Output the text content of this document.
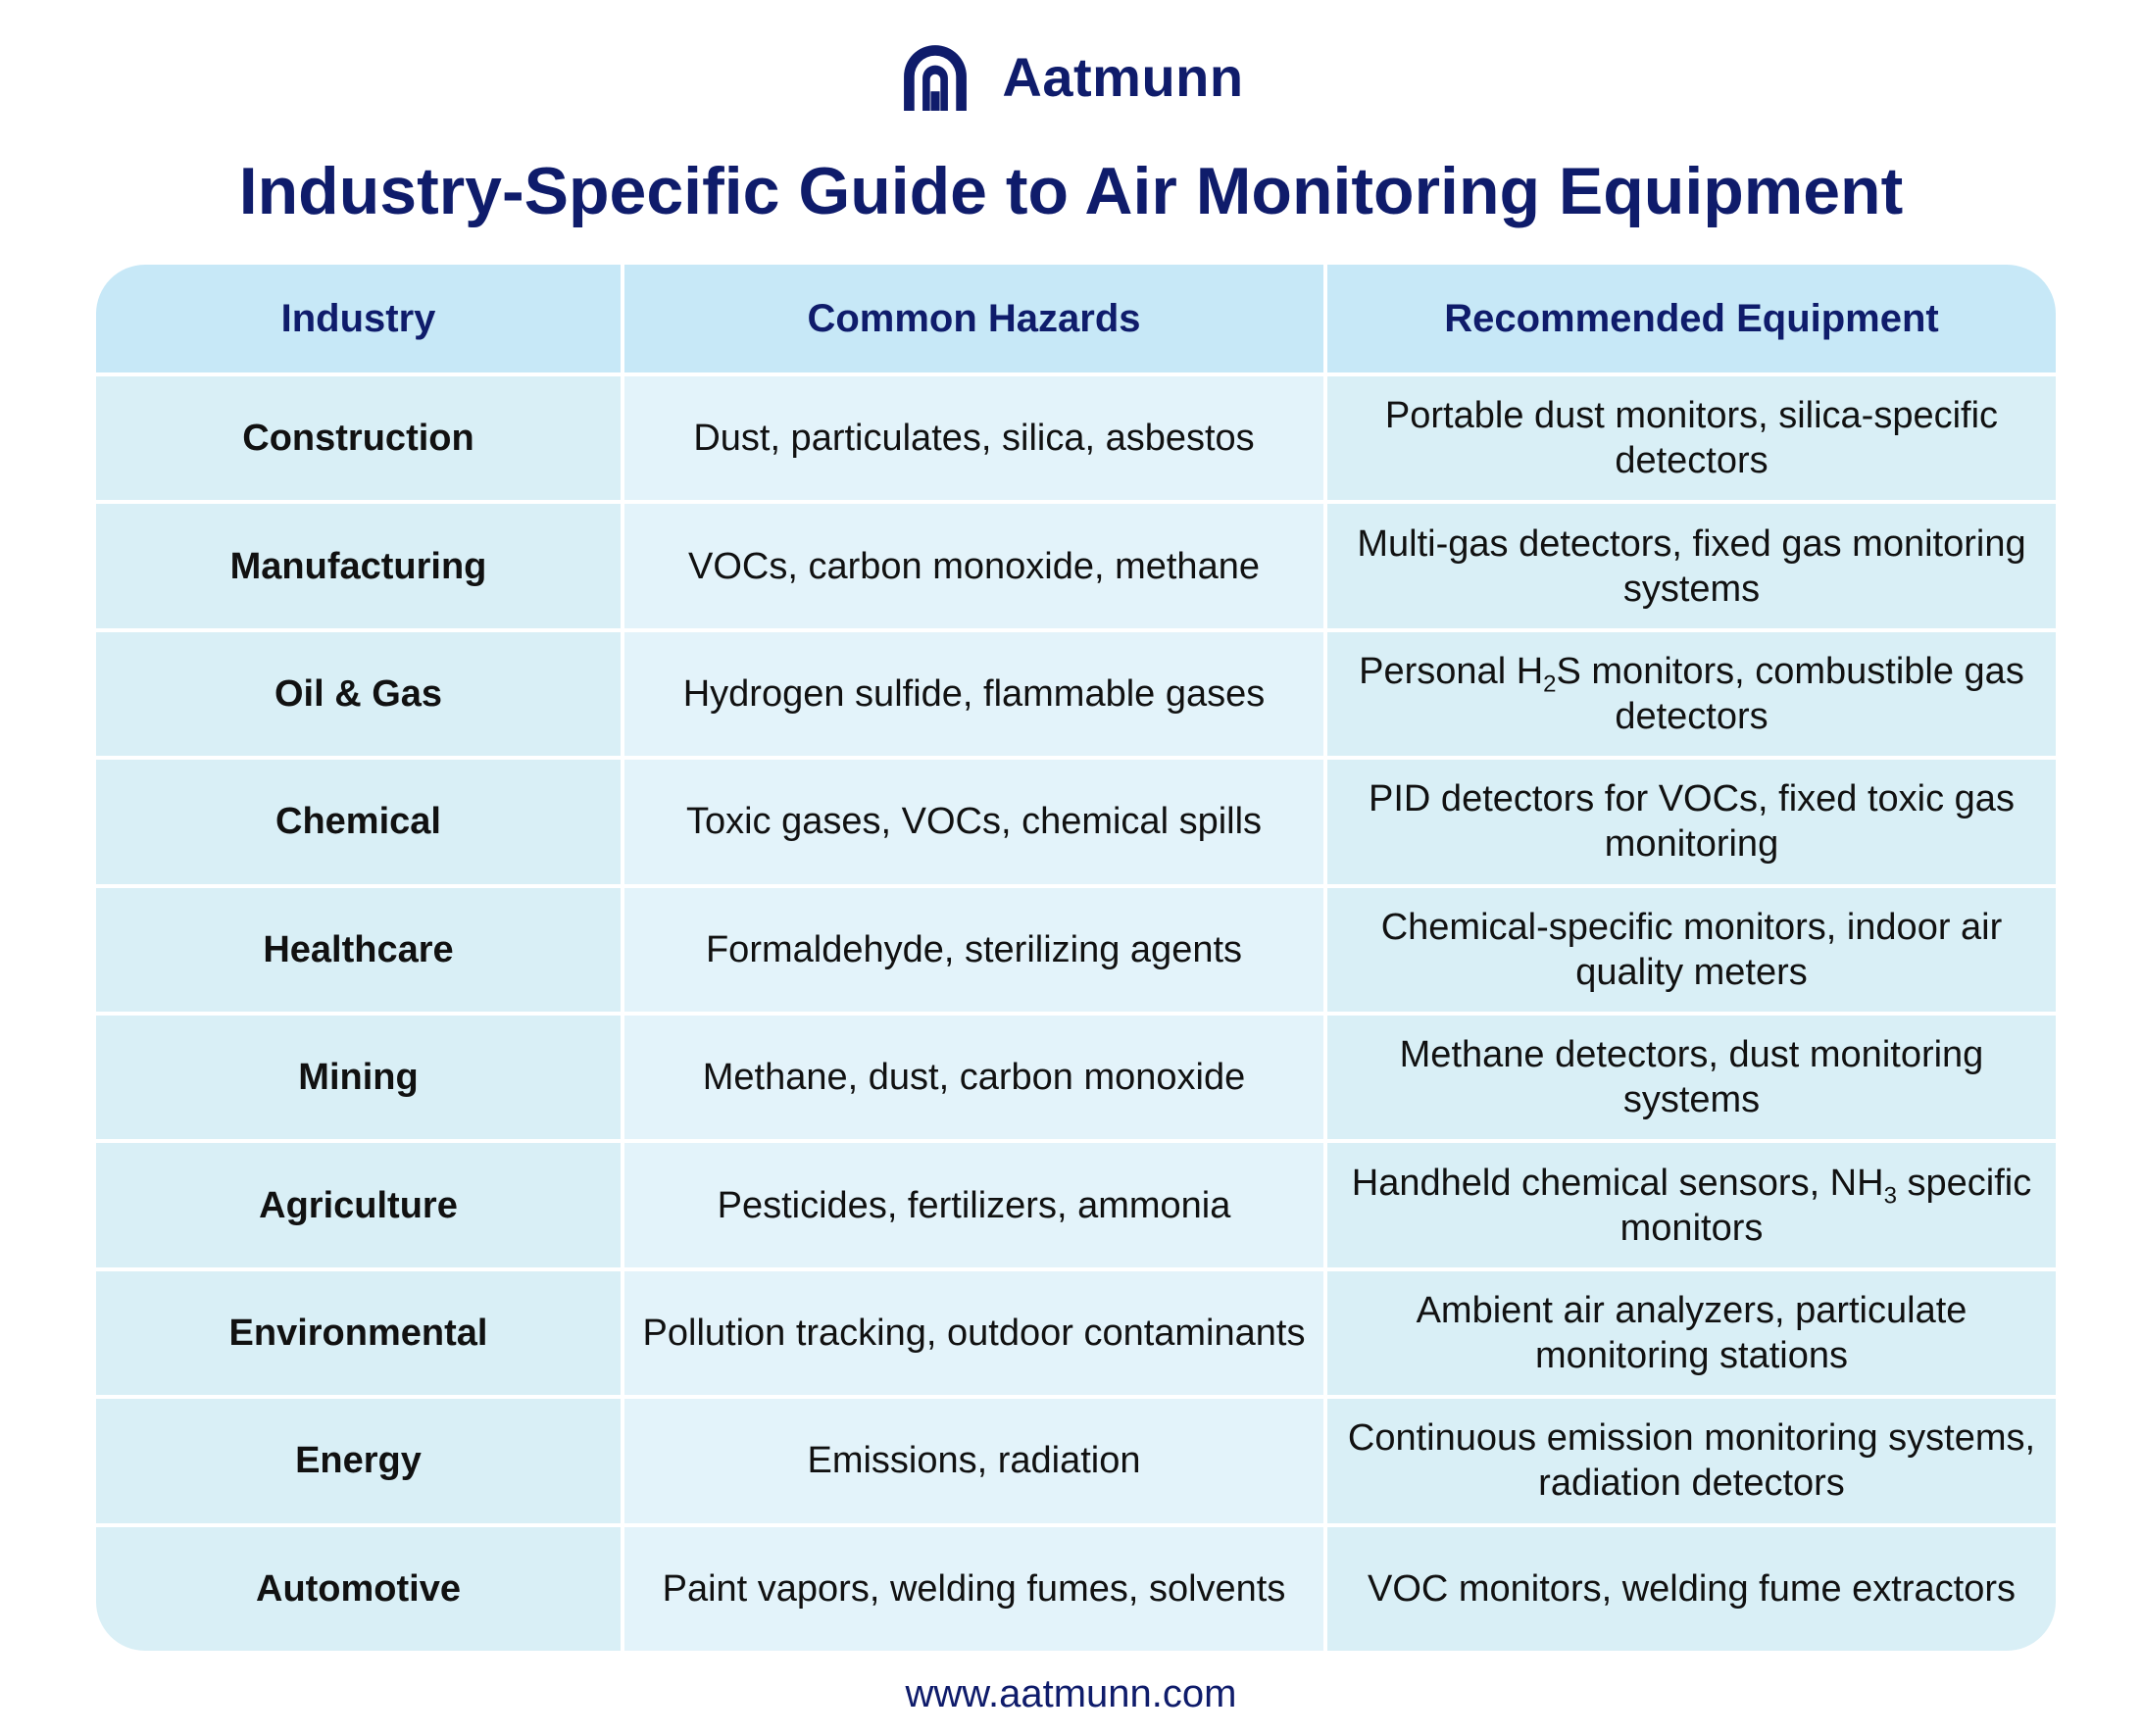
Aatmunn
Industry-Specific Guide to Air Monitoring Equipment
Industry	Common Hazards	Recommended Equipment
Construction	Dust, particulates, silica, asbestos	Portable dust monitors, silica-specific detectors
Manufacturing	VOCs, carbon monoxide, methane	Multi-gas detectors, fixed gas monitoring systems
Oil & Gas	Hydrogen sulfide, flammable gases	Personal $H_2S$ monitors, combustible gas detectors
Chemical	Toxic gases, VOCs, chemical spills	PID detectors for VOCs, fixed toxic gas monitoring
Healthcare	Formaldehyde, sterilizing agents	Chemical-specific monitors, indoor air quality meters
Mining	Methane, dust, carbon monoxide	Methane detectors, dust monitoring systems
Agriculture	Pesticides, fertilizers, ammonia	Handheld chemical sensors, $NH_3$ specific monitors
Environmental	Pollution tracking, outdoor contaminants	Ambient air analyzers, particulate monitoring stations
Energy	Emissions, radiation	Continuous emission monitoring systems, radiation detectors
Automotive	Paint vapors, welding fumes, solvents	VOC monitors, welding fume extractors
www.aatmunn.com
